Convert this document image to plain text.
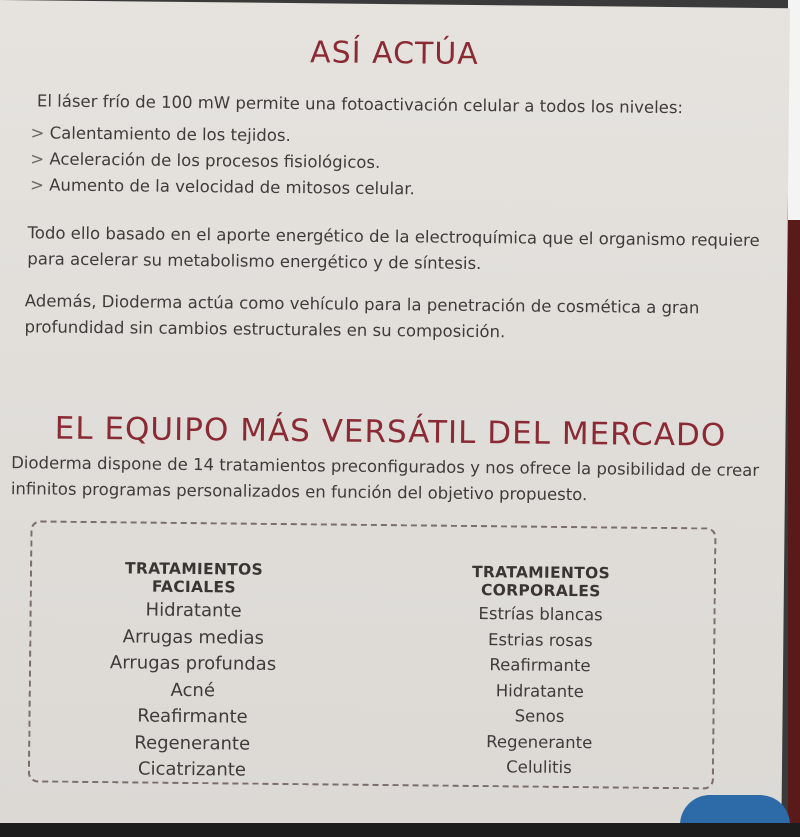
ASÍ ACTÚA

El láser frío de 100 mW permite una fotoactivación celular a todos los niveles:

> Calentamiento de los tejidos.
> Aceleración de los procesos fisiológicos.
> Aumento de la velocidad de mitosos celular.

Todo ello basado en el aporte energético de la electroquímica que el organismo requiere para acelerar su metabolismo energético y de síntesis.

Además, Dioderma actúa como vehículo para la penetración de cosmética a gran profundidad sin cambios estructurales en su composición.

EL EQUIPO MÁS VERSÁTIL DEL MERCADO

Dioderma dispone de 14 tratamientos preconfigurados y nos ofrece la posibilidad de crear infinitos programas personalizados en función del objetivo propuesto.

TRATAMIENTOS FACIALES
Hidratante
Arrugas medias
Arrugas profundas
Acné
Reafirmante
Regenerante
Cicatrizante
TRATAMIENTOS CORPORALES
Estrías blancas
Estrias rosas
Reafirmante
Hidratante
Senos
Regenerante
Celulitis
